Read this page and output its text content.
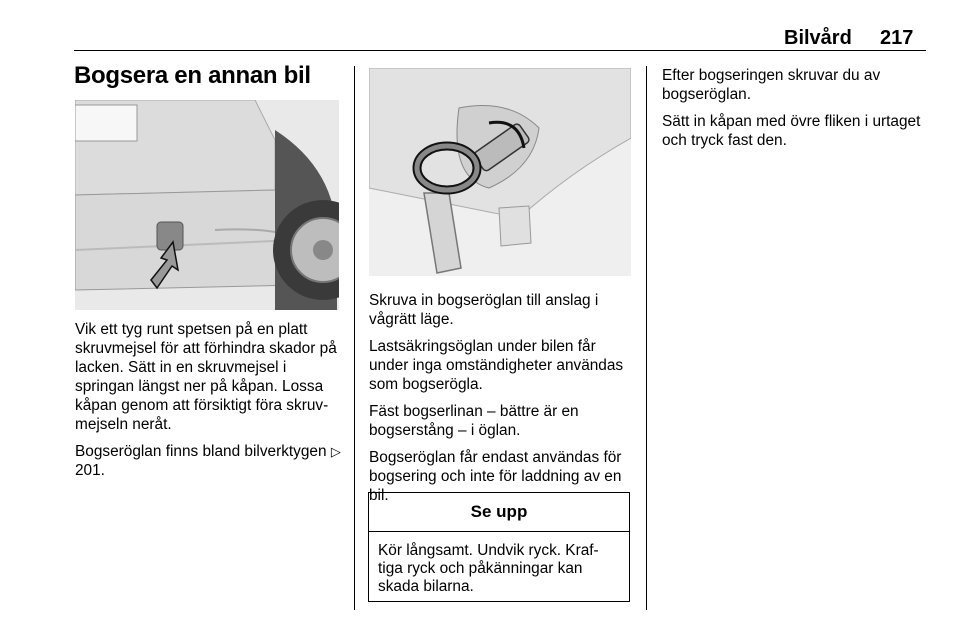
Bilvård 217
Bogsera en annan bil

Vik ett tyg runt spetsen på en platt skruvmejsel för att förhindra skador på lacken. Sätt in en skruvmejsel i springan längst ner på kåpan. Lossa kåpan genom att försiktigt föra skruv-mejseln neråt.

Bogseröglan finns bland bilverktygen ▷ 201.

Skruva in bogseröglan till anslag i vågrätt läge.

Lastsäkringsöglan under bilen får under inga omständigheter användas som bogserögla.

Fäst bogserlinan – bättre är en bogserstång – i öglan.

Bogseröglan får endast användas för bogsering och inte för laddning av en bil.

Se upp
Kör långsamt. Undvik ryck. Kraf-tiga ryck och påkänningar kan skada bilarna.

Efter bogseringen skruvar du av bogseröglan.

Sätt in kåpan med övre fliken i urtaget och tryck fast den.
